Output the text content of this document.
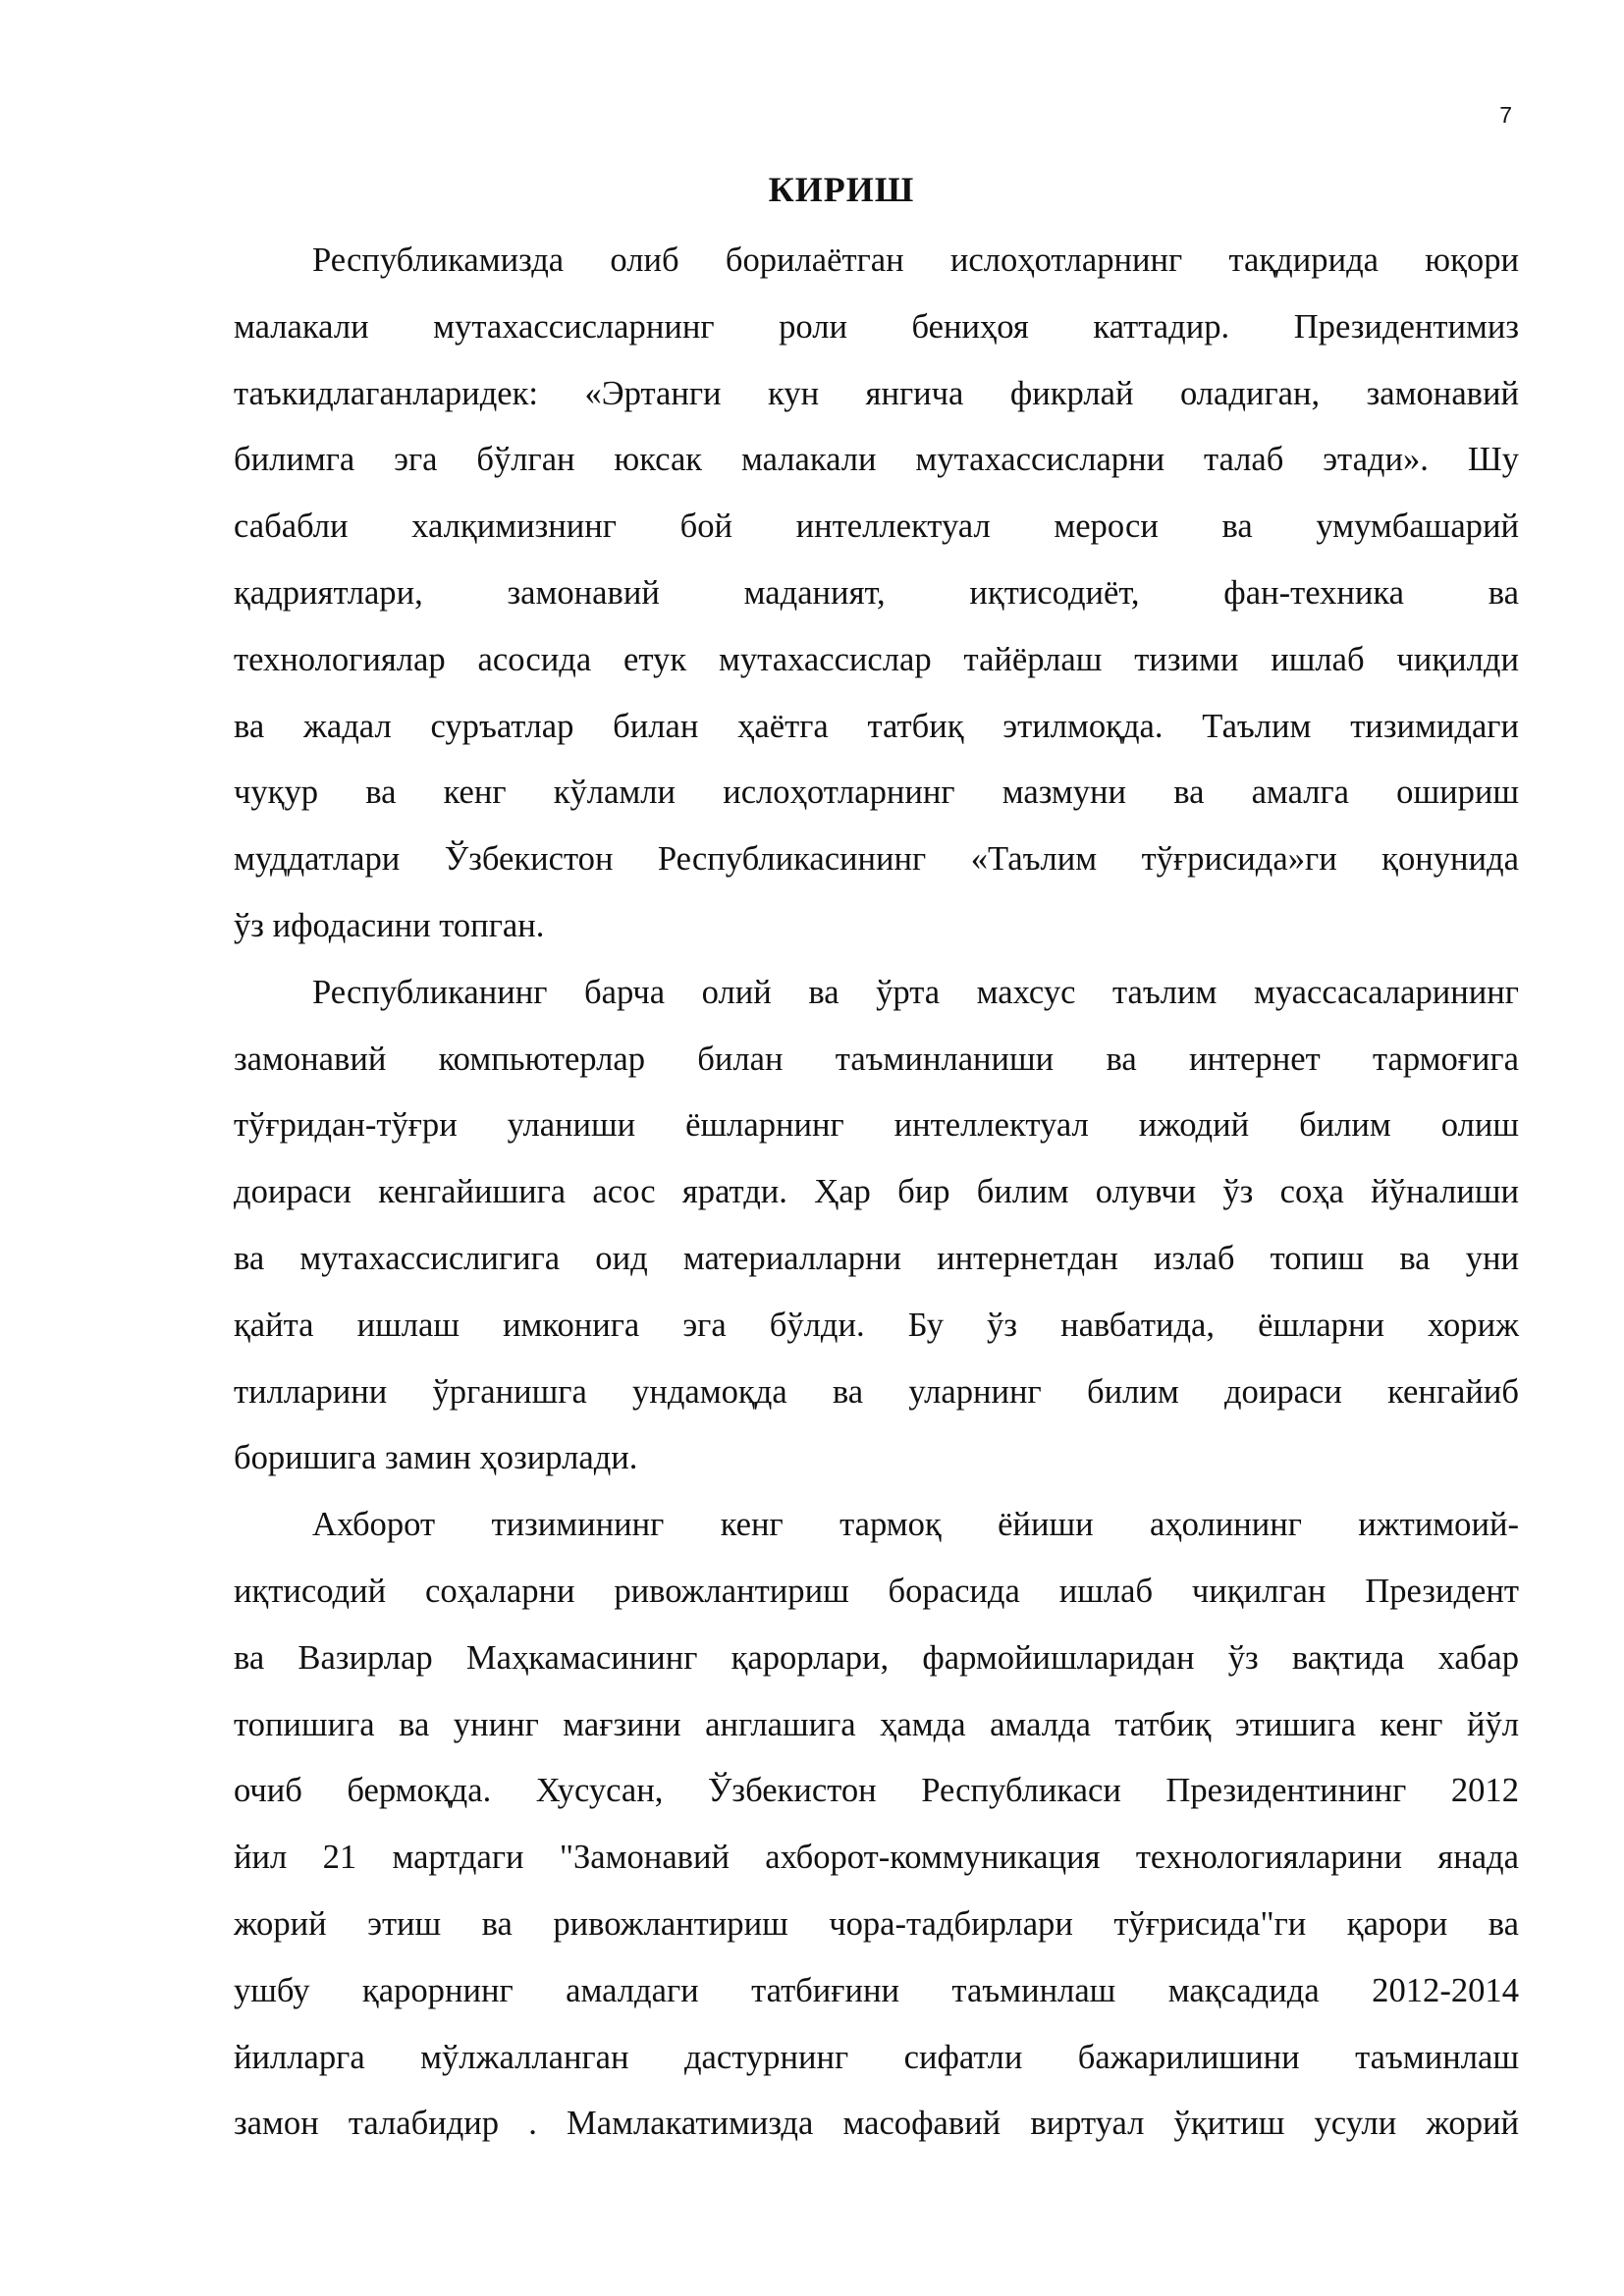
7
КИРИШ

Республикамизда олиб борилаётган ислоҳотларнинг тақдирида юқори
малакали мутахассисларнинг роли бениҳоя каттадир. Президентимиз
таъкидлаганларидек: «Эртанги кун янгича фикрлай оладиган, замонавий
билимга эга бўлган юксак малакали мутахассисларни талаб этади». Шу
сабабли халқимизнинг бой интеллектуал мероси ва умумбашарий
қадриятлари, замонавий маданият, иқтисодиёт, фан-техника ва
технологиялар асосида етук мутахассислар тайёрлаш тизими ишлаб чиқилди
ва жадал суръатлар билан ҳаётга татбиқ этилмоқда. Таълим тизимидаги
чуқур ва кенг кўламли ислоҳотларнинг мазмуни ва амалга ошириш
муддатлари Ўзбекистон Республикасининг «Таълим тўғрисида»ги қонунида
ўз ифодасини топган.

Республиканинг барча олий ва ўрта махсус таълим муассасаларининг
замонавий компьютерлар билан таъминланиши ва интернет тармоғига
тўғридан-тўғри уланиши ёшларнинг интеллектуал ижодий билим олиш
доираси кенгайишига асос яратди. Ҳар бир билим олувчи ўз соҳа йўналиши
ва мутахассислигига оид материалларни интернетдан излаб топиш ва уни
қайта ишлаш имконига эга бўлди. Бу ўз навбатида, ёшларни хориж
тилларини ўрганишга ундамоқда ва уларнинг билим доираси кенгайиб
боришига замин ҳозирлади.

Ахборот тизимининг кенг тармоқ ёйиши аҳолининг ижтимоий-
иқтисодий соҳаларни ривожлантириш борасида ишлаб чиқилган Президент
ва Вазирлар Маҳкамасининг қарорлари, фармойишларидан ўз вақтида хабар
топишига ва унинг мағзини англашига ҳамда амалда татбиқ этишига кенг йўл
очиб бермоқда. Хусусан, Ўзбекистон Республикаси Президентининг 2012
йил 21 мартдаги "Замонавий ахборот-коммуникация технологияларини янада
жорий этиш ва ривожлантириш чора-тадбирлари тўғрисида"ги қарори ва
ушбу қарорнинг амалдаги татбиғини таъминлаш мақсадида 2012-2014
йилларга мўлжалланган дастурнинг сифатли бажарилишини таъминлаш
замон талабидир . Мамлакатимизда масофавий виртуал ўқитиш усули жорий
